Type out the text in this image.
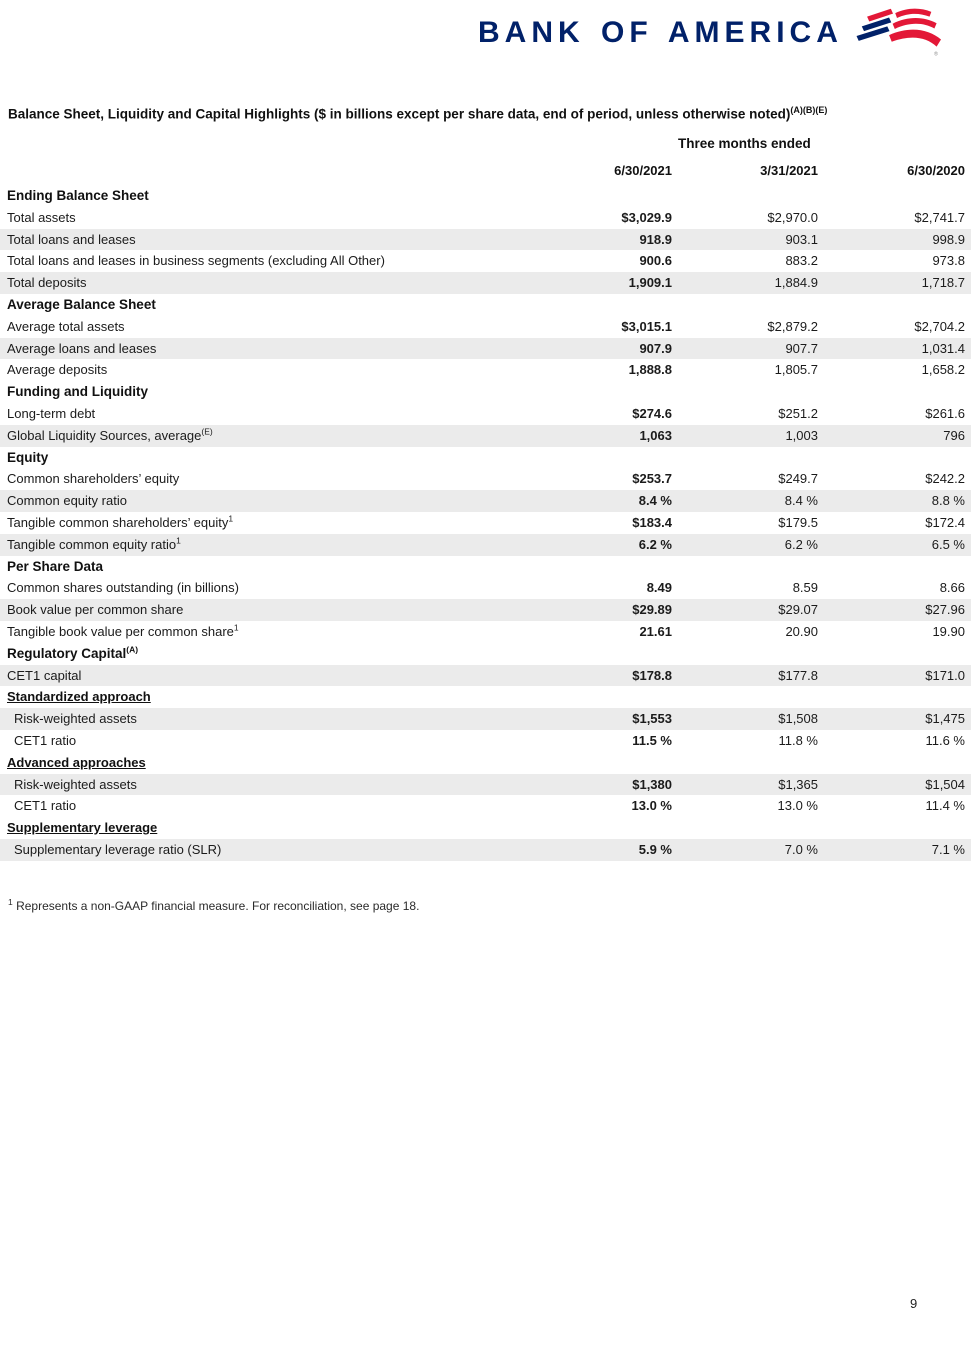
BANK OF AMERICA
®
Balance Sheet, Liquidity and Capital Highlights ($ in billions except per share data, end of period, unless otherwise noted)$^{(A)(B)(E)}$
Three months ended
6/30/2021	3/31/2021	6/30/2020
Ending Balance Sheet
Total assets	$3,029.9	$2,970.0	$2,741.7
Total loans and leases	918.9	903.1	998.9
Total loans and leases in business segments (excluding All Other)	900.6	883.2	973.8
Total deposits	1,909.1	1,884.9	1,718.7
Average Balance Sheet
Average total assets	$3,015.1	$2,879.2	$2,704.2
Average loans and leases	907.9	907.7	1,031.4
Average deposits	1,888.8	1,805.7	1,658.2
Funding and Liquidity
Long-term debt	$274.6	$251.2	$261.6
Global Liquidity Sources, average$^{(E)}$	1,063	1,003	796
Equity
Common shareholders’ equity	$253.7	$249.7	$242.2
Common equity ratio	8.4 %	8.4 %	8.8 %
Tangible common shareholders’ equity$^1$	$183.4	$179.5	$172.4
Tangible common equity ratio$^1$	6.2 %	6.2 %	6.5 %
Per Share Data
Common shares outstanding (in billions)	8.49	8.59	8.66
Book value per common share	$29.89	$29.07	$27.96
Tangible book value per common share$^1$	21.61	20.90	19.90
Regulatory Capital$^{(A)}$
CET1 capital	$178.8	$177.8	$171.0
Standardized approach
Risk-weighted assets	$1,553	$1,508	$1,475
CET1 ratio	11.5 %	11.8 %	11.6 %
Advanced approaches
Risk-weighted assets	$1,380	$1,365	$1,504
CET1 ratio	13.0 %	13.0 %	11.4 %
Supplementary leverage
Supplementary leverage ratio (SLR)	5.9 %	7.0 %	7.1 %
$^1$ Represents a non-GAAP financial measure. For reconciliation, see page 18.
9
